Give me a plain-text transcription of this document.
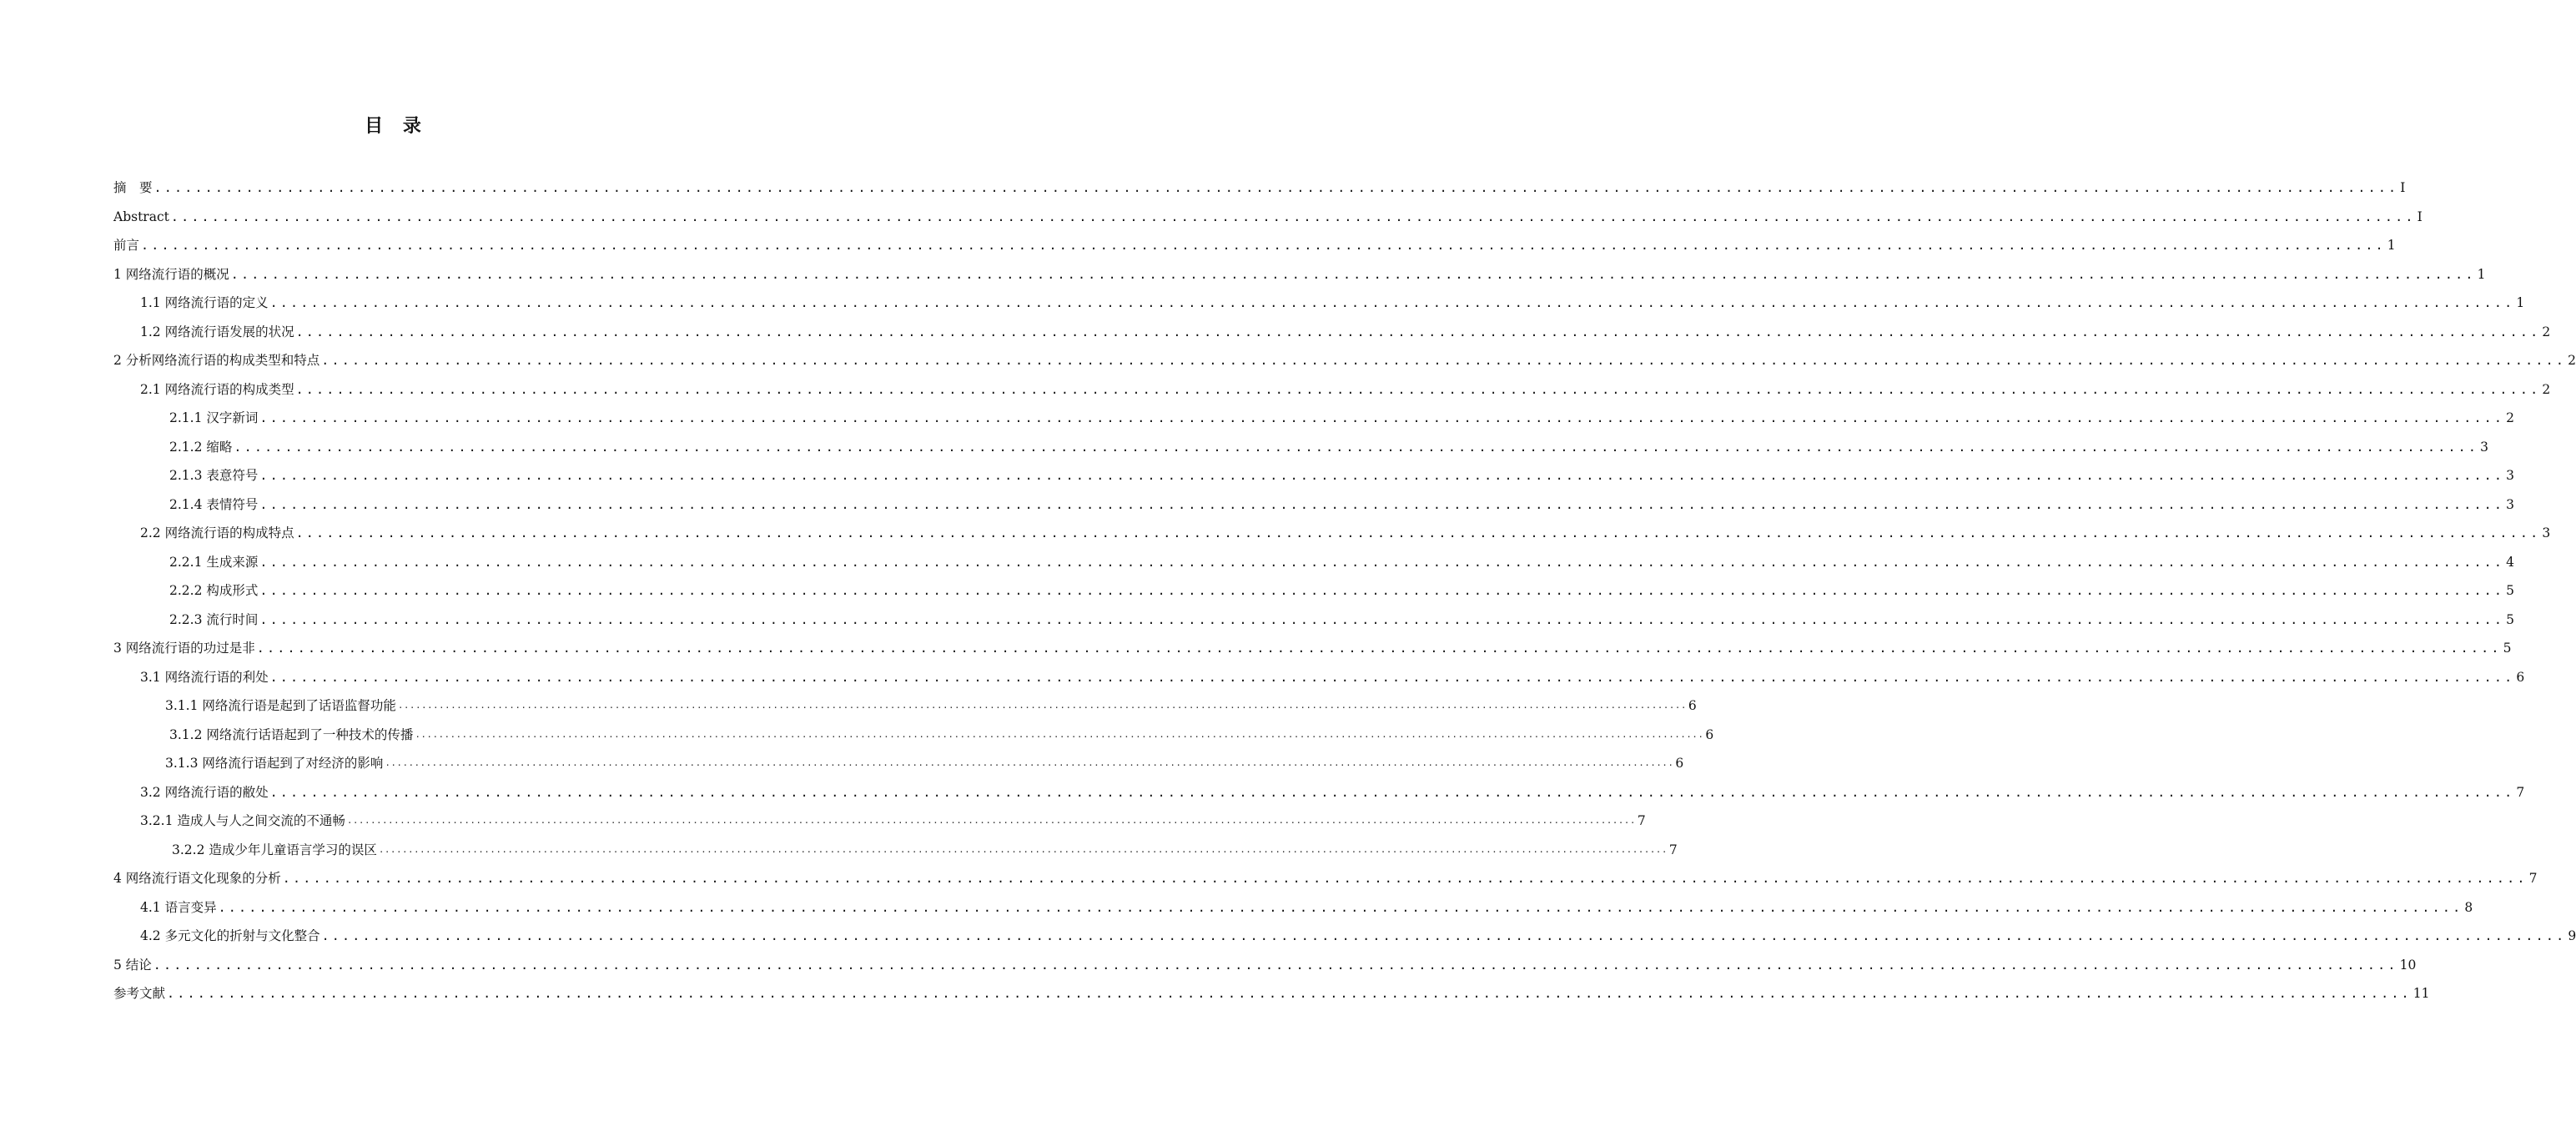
目 录
摘　要 ............................................................................................................................................................................................................................ I
Abstract ............................................................................................................................................................................................................................ I
前言 ............................................................................................................................................................................................................................ 1
1 网络流行语的概况 ............................................................................................................................................................................................................................ 1
1.1 网络流行语的定义 ............................................................................................................................................................................................................................ 1
1.2 网络流行语发展的状况 ............................................................................................................................................................................................................................ 2
2 分析网络流行语的构成类型和特点 ............................................................................................................................................................................................................................ 2
2.1 网络流行语的构成类型 ............................................................................................................................................................................................................................ 2
2.1.1 汉字新词 ............................................................................................................................................................................................................................ 2
2.1.2 缩略 ............................................................................................................................................................................................................................ 3
2.1.3 表意符号 ............................................................................................................................................................................................................................ 3
2.1.4 表情符号 ............................................................................................................................................................................................................................ 3
2.2 网络流行语的构成特点 ............................................................................................................................................................................................................................ 3
2.2.1 生成来源 ............................................................................................................................................................................................................................ 4
2.2.2 构成形式 ............................................................................................................................................................................................................................ 5
2.2.3 流行时间 ............................................................................................................................................................................................................................ 5
3 网络流行语的功过是非 ............................................................................................................................................................................................................................ 5
3.1 网络流行语的利处 ............................................................................................................................................................................................................................ 6
3.1.1 网络流行语是起到了话语监督功能 ............................................................................................................................................................................................................................ 6
3.1.2 网络流行话语起到了一种技术的传播 ............................................................................................................................................................................................................................ 6
3.1.3 网络流行语起到了对经济的影响 ............................................................................................................................................................................................................................ 6
3.2 网络流行语的敝处 ............................................................................................................................................................................................................................ 7
3.2.1 造成人与人之间交流的不通畅 ............................................................................................................................................................................................................................ 7
3.2.2 造成少年儿童语言学习的误区 ............................................................................................................................................................................................................................ 7
4 网络流行语文化现象的分析 ............................................................................................................................................................................................................................ 7
4.1 语言变异 ............................................................................................................................................................................................................................ 8
4.2 多元文化的折射与文化整合 ............................................................................................................................................................................................................................ 9
5 结论 ............................................................................................................................................................................................................................ 10
参考文献 ............................................................................................................................................................................................................................ 11
